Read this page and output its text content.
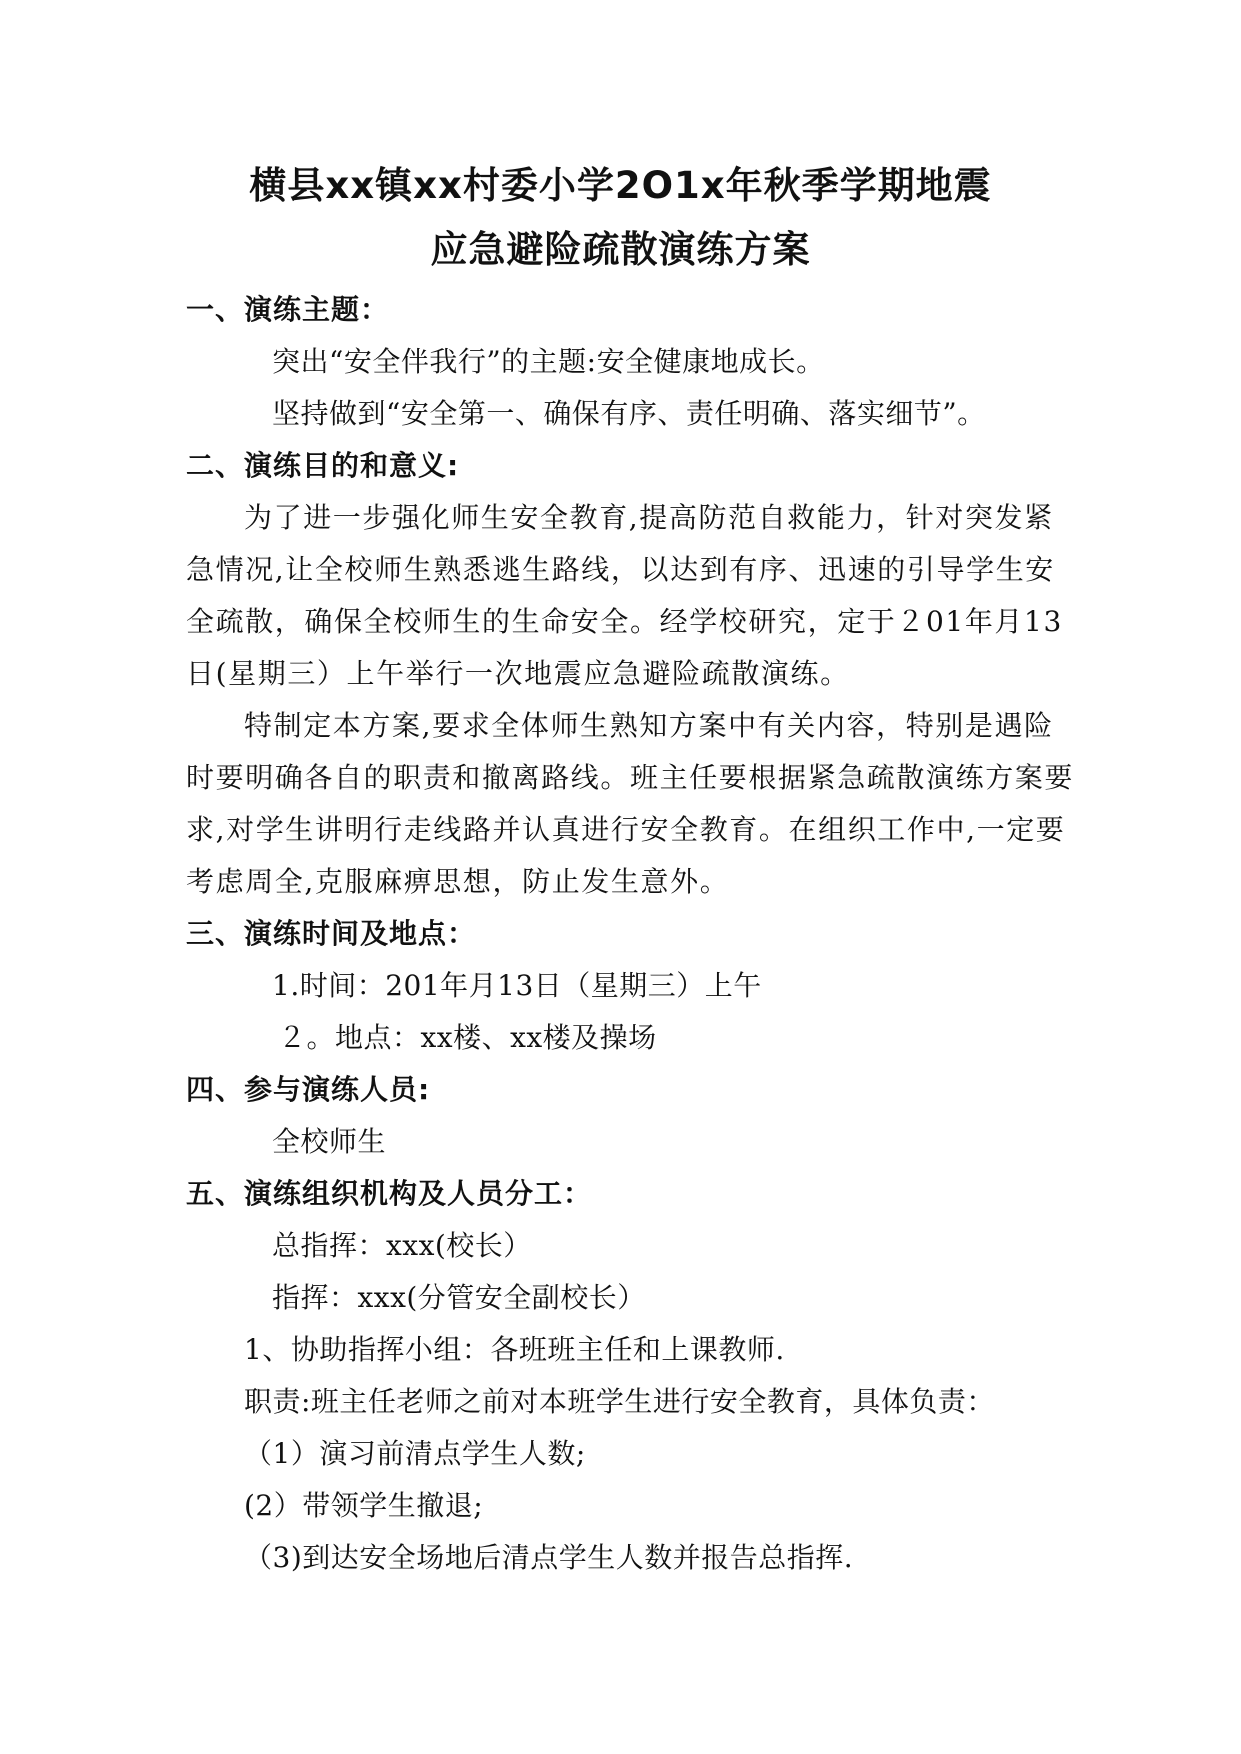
横县xx镇xx村委小学2O1x年秋季学期地震
应急避险疏散演练方案
一、演练主题：
突出“安全伴我行”的主题:安全健康地成长。
坚持做到“安全第一、确保有序、责任明确、落实细节”。
二、演练目的和意义:
为了进一步强化师生安全教育,提高防范自救能力，针对突发紧
急情况,让全校师生熟悉逃生路线，以达到有序、迅速的引导学生安
全疏散，确保全校师生的生命安全。经学校研究，定于２01年月13
日(星期三）上午举行一次地震应急避险疏散演练。
特制定本方案,要求全体师生熟知方案中有关内容，特别是遇险
时要明确各自的职责和撤离路线。班主任要根据紧急疏散演练方案要
求,对学生讲明行走线路并认真进行安全教育。在组织工作中,一定要
考虑周全,克服麻痹思想，防止发生意外。
三、演练时间及地点：
1.时间：201年月13日（星期三）上午
２。地点：xx楼、xx楼及操场
四、参与演练人员:
全校师生
五、演练组织机构及人员分工：
总指挥：xxx(校长）
指挥：xxx(分管安全副校长）
1、协助指挥小组：各班班主任和上课教师.
职责:班主任老师之前对本班学生进行安全教育，具体负责：
（1）演习前清点学生人数;
(2）带领学生撤退;
（3)到达安全场地后清点学生人数并报告总指挥.
